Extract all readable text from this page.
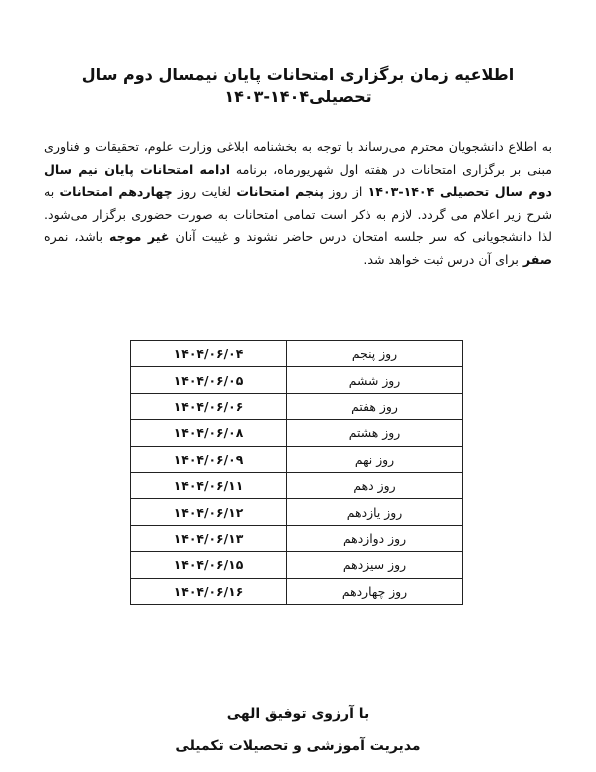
اطلاعیه زمان برگزاری امتحانات پایان نیمسال دوم سال تحصیلی۱۴۰۴-۱۴۰۳
به اطلاع دانشجویان محترم می‌رساند با توجه به بخشنامه ابلاغی وزارت علوم، تحقیقات و فناوری مبنی بر برگزاری امتحانات در هفته اول شهریورماه، برنامه ادامه امتحانات پایان نیم سال دوم سال تحصیلی ۱۴۰۴-۱۴۰۳ از روز پنجم امتحانات لغایت روز چهاردهم امتحانات به شرح زیر اعلام می گردد. لازم به ذکر است تمامی امتحانات به صورت حضوری برگزار می‌شود. لذا دانشجویانی که سر جلسه امتحان درس حاضر نشوند و غیبت آنان غیر موجه باشد، نمره صفر برای آن درس ثبت خواهد شد.
روز پنجم	۱۴۰۴/۰۶/۰۴
روز ششم	۱۴۰۴/۰۶/۰۵
روز هفتم	۱۴۰۴/۰۶/۰۶
روز هشتم	۱۴۰۴/۰۶/۰۸
روز نهم	۱۴۰۴/۰۶/۰۹
روز دهم	۱۴۰۴/۰۶/۱۱
روز یازدهم	۱۴۰۴/۰۶/۱۲
روز دوازدهم	۱۴۰۴/۰۶/۱۳
روز سیزدهم	۱۴۰۴/۰۶/۱۵
روز چهاردهم	۱۴۰۴/۰۶/۱۶
با آرزوی توفیق الهی
مدیریت آموزشی و تحصیلات تکمیلی
